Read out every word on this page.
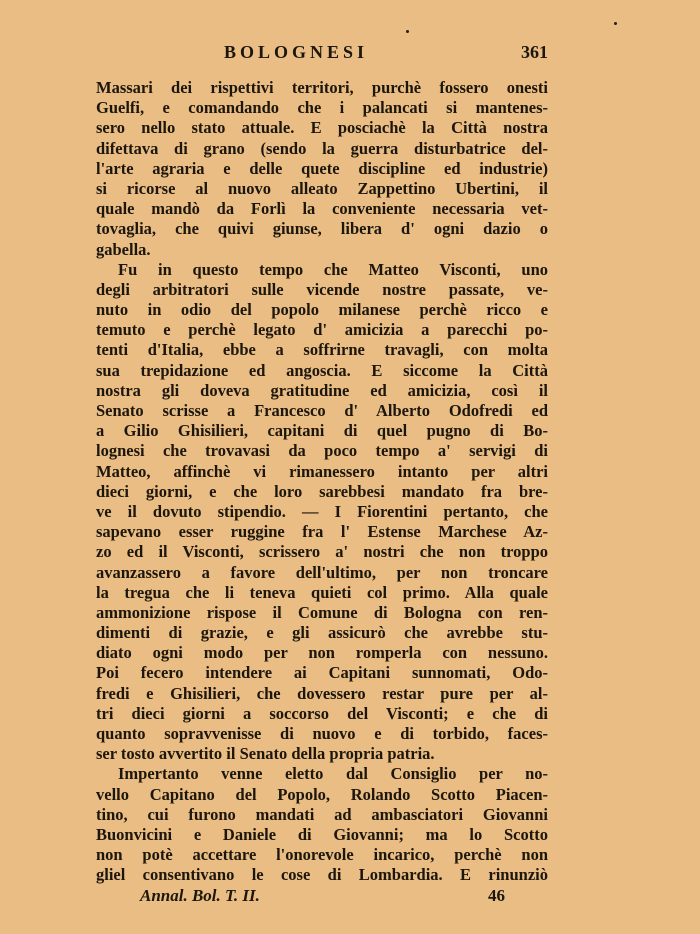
BOLOGNESI	361
Massari dei rispettivi territori, purchè fossero onesti
Guelfi, e comandando che i palancati si mantenes-
sero nello stato attuale. E posciachè la Città nostra
difettava di grano (sendo la guerra disturbatrice del-
l'arte agraria e delle quete discipline ed industrie)
si ricorse al nuovo alleato Zappettino Ubertini, il
quale mandò da Forlì la conveniente necessaria vet-
tovaglia, che quivi giunse, libera d' ogni dazio o
gabella.
Fu in questo tempo che Matteo Visconti, uno
degli arbitratori sulle vicende nostre passate, ve-
nuto in odio del popolo milanese perchè ricco e
temuto e perchè legato d' amicizia a parecchi po-
tenti d'Italia, ebbe a soffrirne travagli, con molta
sua trepidazione ed angoscia. E siccome la Città
nostra gli doveva gratitudine ed amicizia, così il
Senato scrisse a Francesco d' Alberto Odofredi ed
a Gilio Ghisilieri, capitani di quel pugno di Bo-
lognesi che trovavasi da poco tempo a' servigi di
Matteo, affinchè vi rimanessero intanto per altri
dieci giorni, e che loro sarebbesi mandato fra bre-
ve il dovuto stipendio. — I Fiorentini pertanto, che
sapevano esser ruggine fra l' Estense Marchese Az-
zo ed il Visconti, scrissero a' nostri che non troppo
avanzassero a favore dell'ultimo, per non troncare
la tregua che li teneva quieti col primo. Alla quale
ammonizione rispose il Comune di Bologna con ren-
dimenti di grazie, e gli assicurò che avrebbe stu-
diato ogni modo per non romperla con nessuno.
Poi fecero intendere ai Capitani sunnomati, Odo-
fredi e Ghisilieri, che dovessero restar pure per al-
tri dieci giorni a soccorso del Visconti; e che di
quanto sopravvenisse di nuovo e di torbido, faces-
ser tosto avvertito il Senato della propria patria.
Impertanto venne eletto dal Consiglio per no-
vello Capitano del Popolo, Rolando Scotto Piacen-
tino, cui furono mandati ad ambasciatori Giovanni
Buonvicini e Daniele di Giovanni; ma lo Scotto
non potè accettare l'onorevole incarico, perchè non
gliel consentivano le cose di Lombardia. E rinunziò
Annal. Bol. T. II.	46
